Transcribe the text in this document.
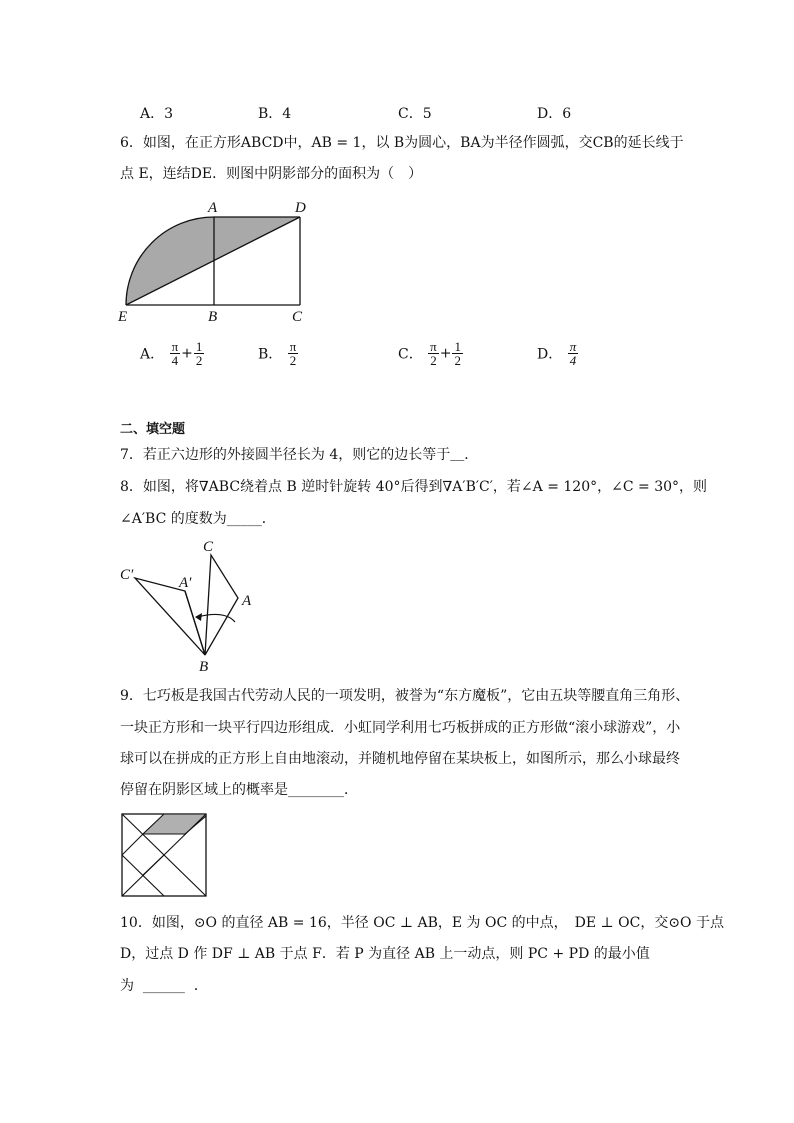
A．3	B．4	C．5	D．6
6．如图，在正方形ABCD中，AB = 1，以 B为圆心，BA为半径作圆弧，交CB的延长线于
点 E，连结DE．则图中阴影部分的面积为（　）
A	D
E	B	C
A． $\frac{\pi}{4} + \frac{1}{2}$	B． $\frac{\pi}{2}$	C． $\frac{\pi}{2} + \frac{1}{2}$	D． $\frac{\pi}{4}$
二、填空题
7．若正六边形的外接圆半径长为 4，则它的边长等于＿．
8．如图，将∇ABC绕着点 B 逆时针旋转 40°后得到∇A′B′C′，若∠A = 120°，∠C = 30°，则
∠A′BC 的度数为_____．
C
C′	A′
A
B
9．七巧板是我国古代劳动人民的一项发明，被誉为“东方魔板”，它由五块等腰直角三角形、
一块正方形和一块平行四边形组成．小虹同学利用七巧板拼成的正方形做“滚小球游戏”，小
球可以在拼成的正方形上自由地滚动，并随机地停留在某块板上，如图所示，那么小球最终
停留在阴影区域上的概率是________．
10．如图，⊙O 的直径 AB = 16，半径 OC ⊥ AB，E 为 OC 的中点，　DE ⊥ OC，交⊙O 于点
D，过点 D 作 DF ⊥ AB 于点 F．若 P 为直径 AB 上一动点，则 PC + PD 的最小值
为 ______ ．
